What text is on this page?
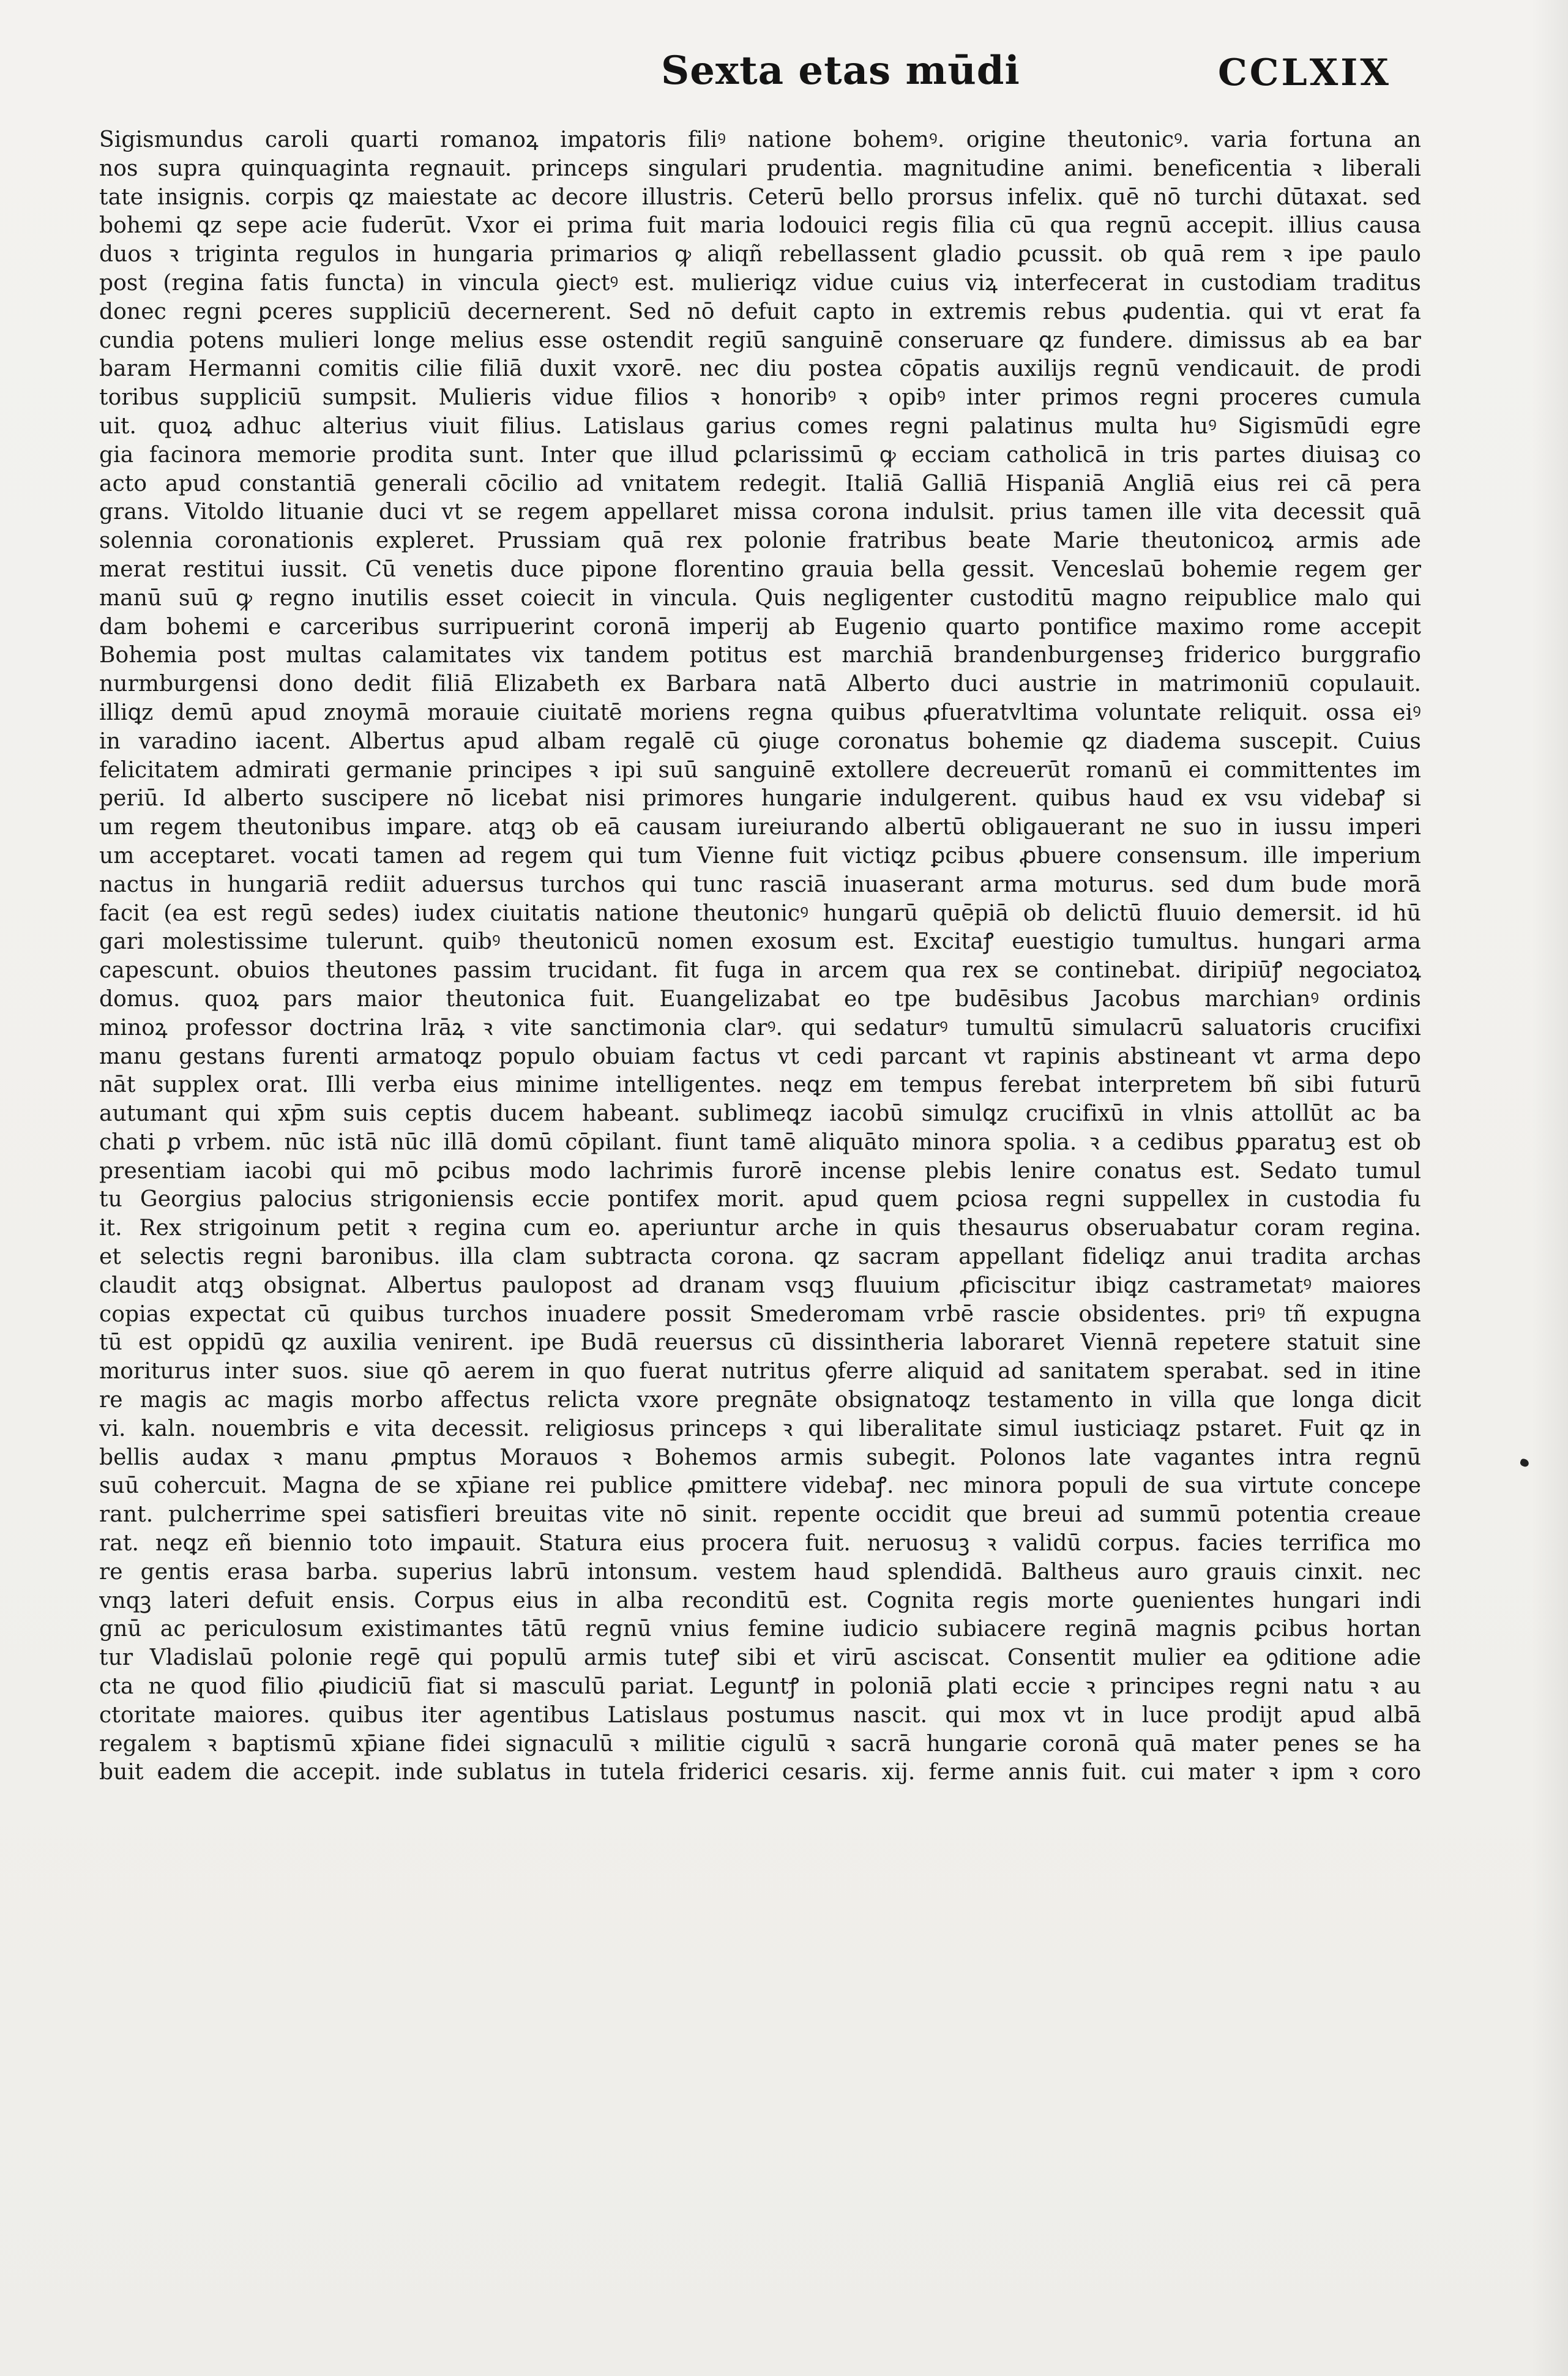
Sexta etas mūdi	CCLXIX
Sigismundus caroli quarti romanoꝝ imꝑatoris filiꝰ natione bohemꝰ. origine theutonicꝰ. varia fortuna an
nos supra quinquaginta regnauit. princeps singulari prudentia. magnitudine animi. beneficentia ꝛ liberali
tate insignis. corpis ꝗz maiestate ac decore illustris. Ceterū bello prorsus infelix. quē nō turchi dūtaxat. sed
bohemi ꝗz sepe acie fuderūt. Vxor ei prima fuit maria lodouici regis filia cū qua regnū accepit. illius causa
duos ꝛ triginta regulos in hungaria primarios ꝙ aliqñ rebellassent gladio ꝑcussit. ob quā rem ꝛ ipe paulo
post (regina fatis functa) in vincula ꝯiectꝰ est. mulieriꝗz vidue cuius viꝝ interfecerat in custodiam traditus
donec regni ꝑceres suppliciū decernerent. Sed nō defuit capto in extremis rebus ꝓudentia. qui vt erat fa
cundia potens mulieri longe melius esse ostendit regiū sanguinē conseruare ꝗz fundere. dimissus ab ea bar
baram Hermanni comitis cilie filiā duxit vxorē. nec diu postea cōpatis auxilijs regnū vendicauit. de prodi
toribus suppliciū sumpsit. Mulieris vidue filios ꝛ honoribꝰ ꝛ opibꝰ inter primos regni proceres cumula
uit. quoꝝ adhuc alterius viuit filius. Latislaus garius comes regni palatinus multa huꝰ Sigismūdi egre
gia facinora memorie prodita sunt. Inter que illud ꝑclarissimū ꝙ ecciam catholicā in tris partes diuisaꝫ co
acto apud constantiā generali cōcilio ad vnitatem redegit. Italiā Galliā Hispaniā Angliā eius rei cā pera
grans. Vitoldo lituanie duci vt se regem appellaret missa corona indulsit. prius tamen ille vita decessit quā
solennia coronationis expleret. Prussiam quā rex polonie fratribus beate Marie theutonicoꝝ armis ade
merat restitui iussit. Cū venetis duce pipone florentino grauia bella gessit. Venceslaū bohemie regem ger
manū suū ꝙ regno inutilis esset coiecit in vincula. Quis negligenter custoditū magno reipublice malo qui
dam bohemi e carceribus surripuerint coronā imperij ab Eugenio quarto pontifice maximo rome accepit
Bohemia post multas calamitates vix tandem potitus est marchiā brandenburgenseꝫ friderico burggrafio
nurmburgensi dono dedit filiā Elizabeth ex Barbara natā Alberto duci austrie in matrimoniū copulauit.
illiꝗz demū apud znoymā morauie ciuitatē moriens regna quibus ꝓfueratvltima voluntate reliquit. ossa eiꝰ
in varadino iacent. Albertus apud albam regalē cū ꝯiuge coronatus bohemie ꝗz diadema suscepit. Cuius
felicitatem admirati germanie principes ꝛ ipi suū sanguinē extollere decreuerūt romanū ei committentes im
periū. Id alberto suscipere nō licebat nisi primores hungarie indulgerent. quibus haud ex vsu videbaꝭ si
um regem theutonibus imꝑare. atqꝫ ob eā causam iureiurando albertū obligauerant ne suo in iussu imperi
um acceptaret. vocati tamen ad regem qui tum Vienne fuit victiꝗz ꝑcibus ꝓbuere consensum. ille imperium
nactus in hungariā rediit aduersus turchos qui tunc rasciā inuaserant arma moturus. sed dum bude morā
facit (ea est regū sedes) iudex ciuitatis natione theutonicꝰ hungarū quēpiā ob delictū fluuio demersit. id hū
gari molestissime tulerunt. quibꝰ theutonicū nomen exosum est. Excitaꝭ euestigio tumultus. hungari arma
capescunt. obuios theutones passim trucidant. fit fuga in arcem qua rex se continebat. diripiūꝭ negociatoꝝ
domus. quoꝝ pars maior theutonica fuit. Euangelizabat eo tpe budēsibus Jacobus marchianꝰ ordinis
minoꝝ professor doctrina lrāꝝ ꝛ vite sanctimonia clarꝰ. qui sedaturꝰ tumultū simulacrū saluatoris crucifixi
manu gestans furenti armatoꝗz populo obuiam factus vt cedi parcant vt rapinis abstineant vt arma depo
nāt supplex orat. Illi verba eius minime intelligentes. neꝗz em tempus ferebat interpretem bñ sibi futurū
autumant qui xp̄m suis ceptis ducem habeant. sublimeꝗz iacobū simulꝗz crucifixū in vlnis attollūt ac ba
chati ꝑ vrbem. nūc istā nūc illā domū cōpilant. fiunt tamē aliquāto minora spolia. ꝛ a cedibus ꝑparatuꝫ est ob
presentiam iacobi qui mō ꝑcibus modo lachrimis furorē incense plebis lenire conatus est. Sedato tumul
tu Georgius palocius strigoniensis eccie pontifex morit. apud quem ꝑciosa regni suppellex in custodia fu
it. Rex strigoinum petit ꝛ regina cum eo. aperiuntur arche in quis thesaurus obseruabatur coram regina.
et selectis regni baronibus. illa clam subtracta corona. ꝗz sacram appellant fideliꝗz anui tradita archas
claudit atqꝫ obsignat. Albertus paulopost ad dranam vsqꝫ fluuium ꝓficiscitur ibiꝗz castrametatꝰ maiores
copias expectat cū quibus turchos inuadere possit Smederomam vrbē rascie obsidentes. priꝰ tñ expugna
tū est oppidū ꝗz auxilia venirent. ipe Budā reuersus cū dissintheria laboraret Viennā repetere statuit sine
moriturus inter suos. siue qō aerem in quo fuerat nutritus ꝯferre aliquid ad sanitatem sperabat. sed in itine
re magis ac magis morbo affectus relicta vxore pregnāte obsignatoꝗz testamento in villa que longa dicit
vi. kaln. nouembris e vita decessit. religiosus princeps ꝛ qui liberalitate simul iusticiaꝗz pstaret. Fuit ꝗz in
bellis audax ꝛ manu ꝓmptus Morauos ꝛ Bohemos armis subegit. Polonos late vagantes intra regnū
suū cohercuit. Magna de se xp̄iane rei publice ꝓmittere videbaꝭ. nec minora populi de sua virtute concepe
rant. pulcherrime spei satisfieri breuitas vite nō sinit. repente occidit que breui ad summū potentia creaue
rat. neꝗz eñ biennio toto imꝑauit. Statura eius procera fuit. neruosuꝫ ꝛ validū corpus. facies terrifica mo
re gentis erasa barba. superius labrū intonsum. vestem haud splendidā. Baltheus auro grauis cinxit. nec
vnqꝫ lateri defuit ensis. Corpus eius in alba reconditū est. Cognita regis morte ꝯuenientes hungari indi
gnū ac periculosum existimantes tātū regnū vnius femine iudicio subiacere reginā magnis ꝑcibus hortan
tur Vladislaū polonie regē qui populū armis tuteꝭ sibi et virū asciscat. Consentit mulier ea ꝯditione adie
cta ne quod filio ꝓiudiciū fiat si masculū pariat. Leguntꝭ in poloniā ꝑlati eccie ꝛ principes regni natu ꝛ au
ctoritate maiores. quibus iter agentibus Latislaus postumus nascit. qui mox vt in luce prodijt apud albā
regalem ꝛ baptismū xp̄iane fidei signaculū ꝛ militie cigulū ꝛ sacrā hungarie coronā quā mater penes se ha
buit eadem die accepit. inde sublatus in tutela friderici cesaris. xij. ferme annis fuit. cui mater ꝛ ipm ꝛ coro
